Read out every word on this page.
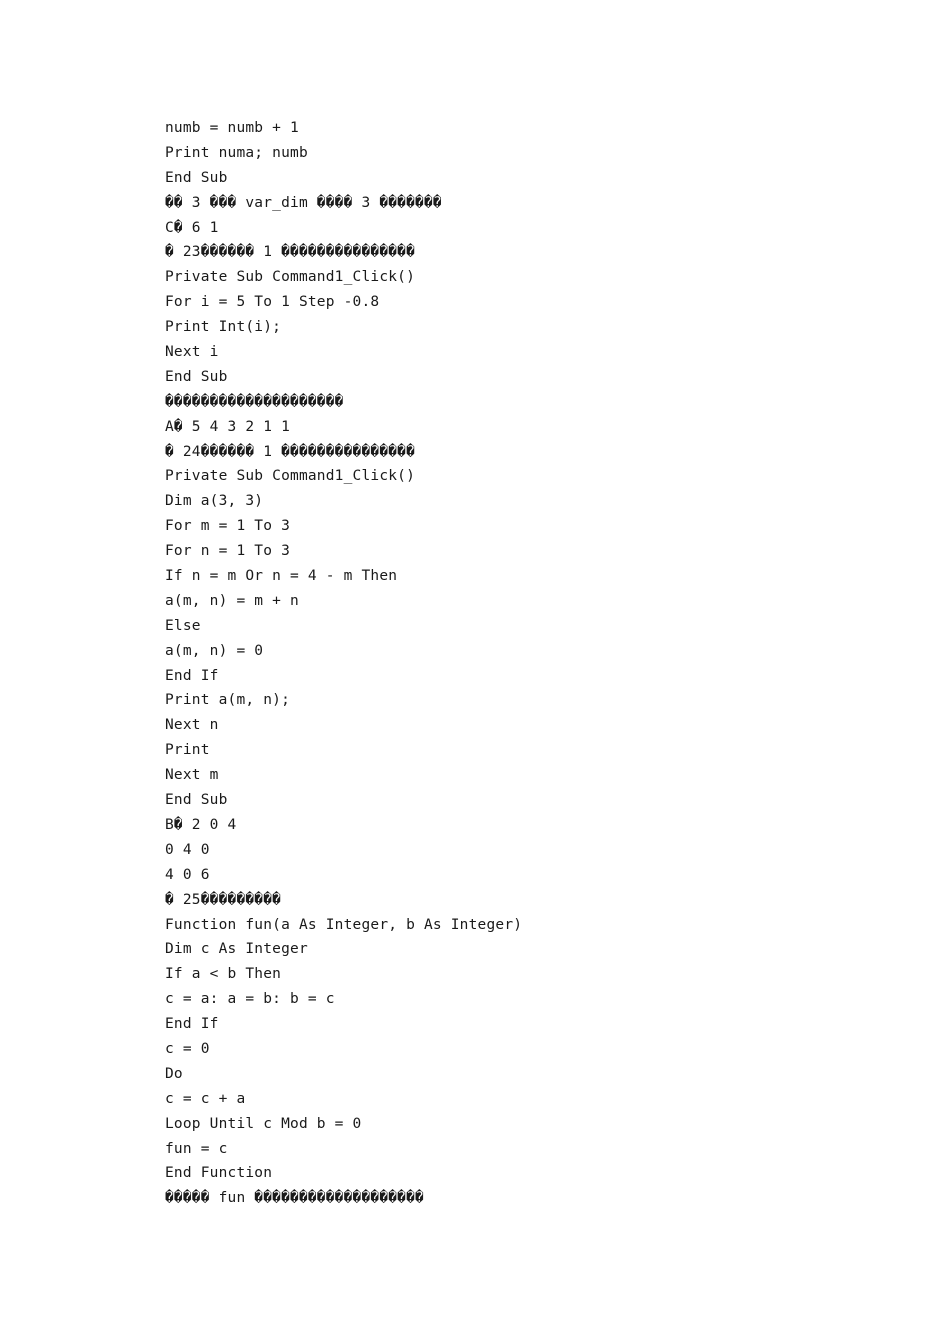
numb = numb + 1
Print numa; numb
End Sub
�� 3 ��� var_dim ���� 3 �������
C� 6 1
� 23������ 1 ���������������
Private Sub Command1_Click()
For i = 5 To 1 Step -0.8
Print Int(i);
Next i
End Sub
��������������������
A� 5 4 3 2 1 1
� 24������ 1 ���������������
Private Sub Command1_Click()
Dim a(3, 3)
For m = 1 To 3
For n = 1 To 3
If n = m Or n = 4 - m Then
a(m, n) = m + n
Else
a(m, n) = 0
End If
Print a(m, n);
Next n
Print
Next m
End Sub
B� 2 0 4
0 4 0
4 0 6
� 25���������
Function fun(a As Integer, b As Integer)
Dim c As Integer
If a < b Then
c = a: a = b: b = c
End If
c = 0
Do
c = c + a
Loop Until c Mod b = 0
fun = c
End Function
����� fun �������������������
